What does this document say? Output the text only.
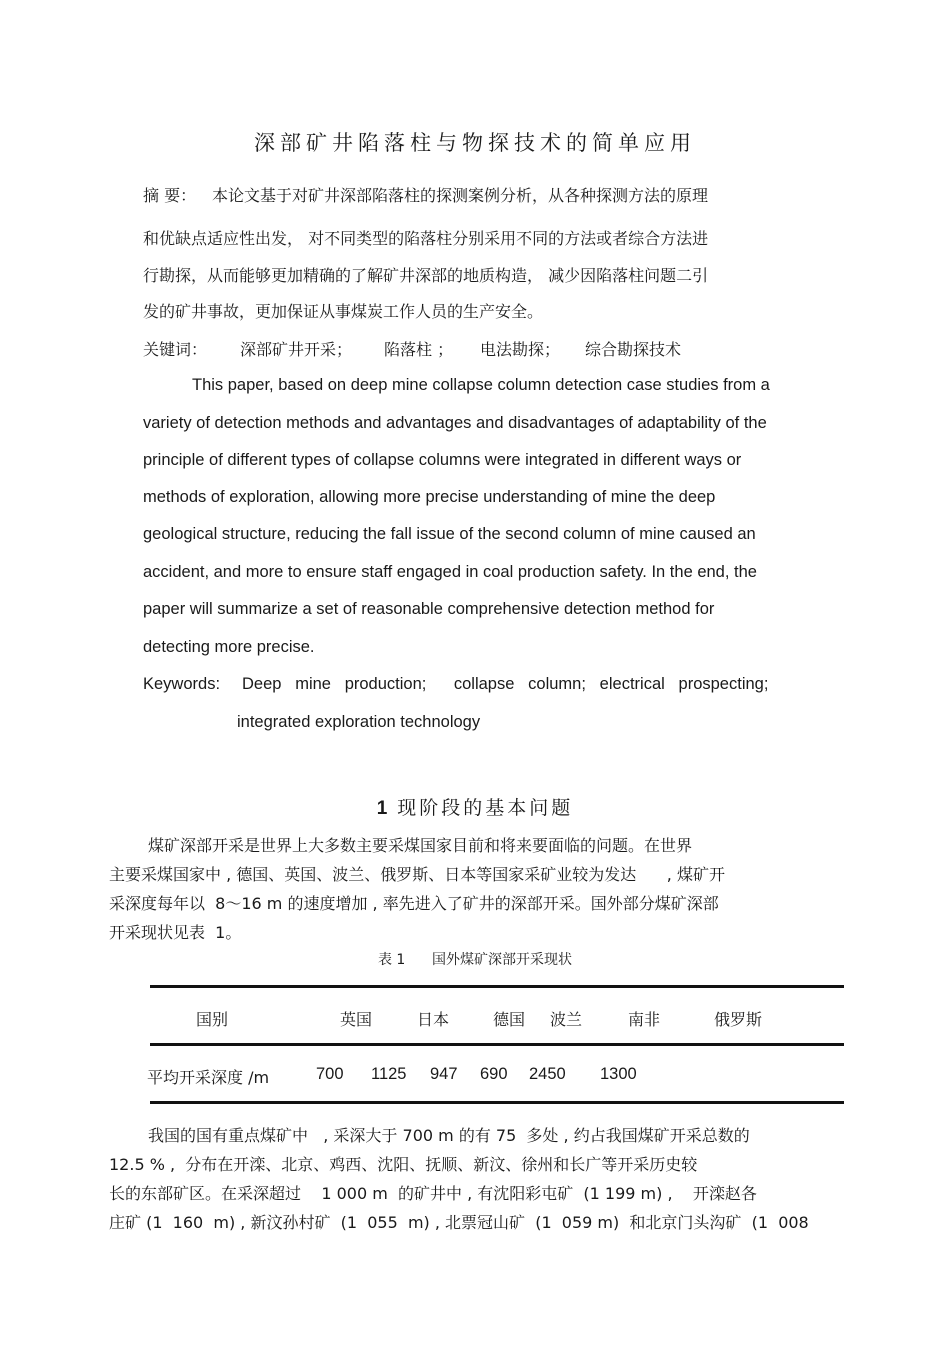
深部矿井陷落柱与物探技术的简单应用
摘 要： 本论文基于对矿井深部陷落柱的探测案例分析，从各种探测方法的原理
和优缺点适应性出发， 对不同类型的陷落柱分别采用不同的方法或者综合方法进
行勘探，从而能够更加精确的了解矿井深部的地质构造， 减少因陷落柱问题二引
发的矿井事故，更加保证从事煤炭工作人员的生产安全。
关键词： 深部矿井开采； 陷落柱 ； 电法勘探； 综合勘探技术
This paper, based on deep mine collapse column detection case studies from a
variety of detection methods and advantages and disadvantages of adaptability of the
principle of different types of collapse columns were integrated in different ways or
methods of exploration, allowing more precise understanding of mine the deep
geological structure, reducing the fall issue of the second column of mine caused an
accident, and more to ensure staff engaged in coal production safety. In the end, the
paper will summarize a set of reasonable comprehensive detection method for
detecting more precise.
Keywords: Deep   mine   production;      collapse   column;   electrical   prospecting;
integrated exploration technology
1 现阶段的基本问题
煤矿深部开采是世界上大多数主要采煤国家目前和将来要面临的问题。在世界
主要采煤国家中 , 德国、英国、波兰、俄罗斯、日本等国家采矿业较为发达      , 煤矿开
采深度每年以  8～16 m 的速度增加 , 率先进入了矿井的深部开采。国外部分煤矿深部
开采现状见表  1。
表 1      国外煤矿深部开采现状
国别	英国	日本	德国 波兰	南非	俄罗斯
平均开采深度 /m	700 1125 947 690 2450 1300
我国的国有重点煤矿中   , 采深大于 700 m 的有 75  多处 , 约占我国煤矿开采总数的
12.5 % ,  分布在开滦、北京、鸡西、沈阳、抚顺、新汶、徐州和长广等开采历史较
长的东部矿区。在采深超过    1 000 m  的矿井中 , 有沈阳彩屯矿  (1 199 m) ,    开滦赵各
庄矿 (1  160  m) , 新汶孙村矿  (1  055  m) , 北票冠山矿  (1  059 m)  和北京门头沟矿  (1  008
